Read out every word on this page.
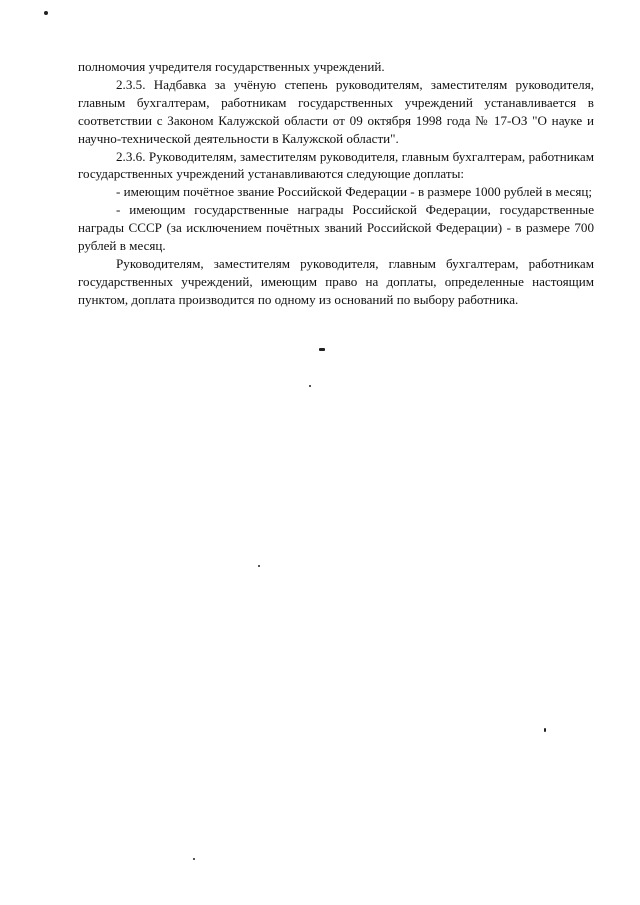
полномочия учредителя государственных учреждений.

2.3.5. Надбавка за учёную степень руководителям, заместителям руководителя, главным бухгалтерам, работникам государственных учреждений устанавливается в соответствии с Законом Калужской области от 09 октября 1998 года № 17-ОЗ "О науке и научно-технической деятельности в Калужской области".

2.3.6. Руководителям, заместителям руководителя, главным бухгалтерам, работникам государственных учреждений устанавливаются следующие доплаты:

- имеющим почётное звание Российской Федерации - в размере 1000 рублей в месяц;

- имеющим государственные награды Российской Федерации, государственные награды СССР (за исключением почётных званий Российской Федерации) - в размере 700 рублей в месяц.

Руководителям, заместителям руководителя, главным бухгалтерам, работникам государственных учреждений, имеющим право на доплаты, определенные настоящим пунктом, доплата производится по одному из оснований по выбору работника.
